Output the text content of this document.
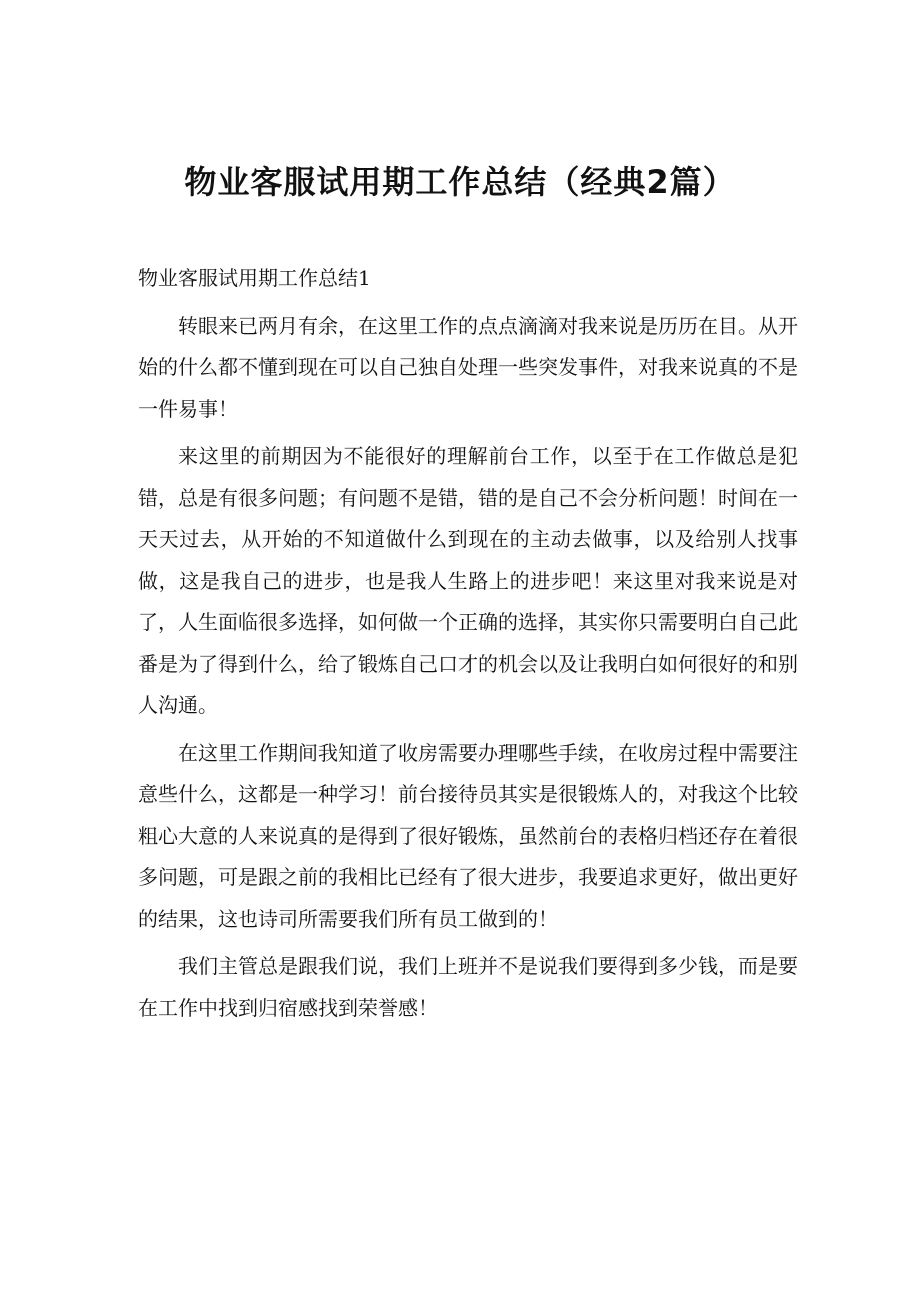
物业客服试用期工作总结（经典2篇）
物业客服试用期工作总结1

转眼来已两月有余，在这里工作的点点滴滴对我来说是历历在目。从开始的什么都不懂到现在可以自己独自处理一些突发事件，对我来说真的不是一件易事！

来这里的前期因为不能很好的理解前台工作，以至于在工作做总是犯错，总是有很多问题；有问题不是错，错的是自己不会分析问题！时间在一天天过去，从开始的不知道做什么到现在的主动去做事，以及给别人找事做，这是我自己的进步，也是我人生路上的进步吧！来这里对我来说是对了，人生面临很多选择，如何做一个正确的选择，其实你只需要明白自己此番是为了得到什么，给了锻炼自己口才的机会以及让我明白如何很好的和别人沟通。

在这里工作期间我知道了收房需要办理哪些手续，在收房过程中需要注意些什么，这都是一种学习！前台接待员其实是很锻炼人的，对我这个比较粗心大意的人来说真的是得到了很好锻炼，虽然前台的表格归档还存在着很多问题，可是跟之前的我相比已经有了很大进步，我要追求更好，做出更好的结果，这也诗司所需要我们所有员工做到的！

我们主管总是跟我们说，我们上班并不是说我们要得到多少钱，而是要在工作中找到归宿感找到荣誉感！
